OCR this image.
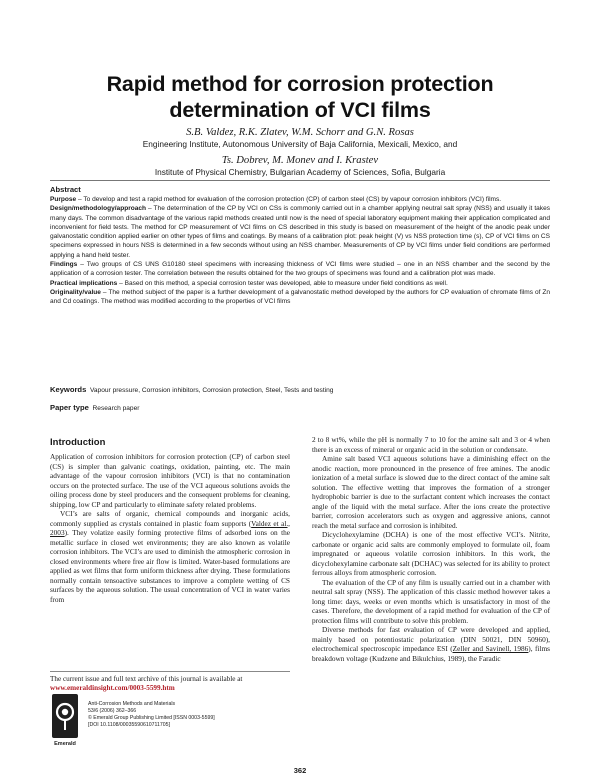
Rapid method for corrosion protection
determination of VCI films
S.B. Valdez, R.K. Zlatev, W.M. Schorr and G.N. Rosas
Engineering Institute, Autonomous University of Baja California, Mexicali, Mexico, and
Ts. Dobrev, M. Monev and I. Krastev
Institute of Physical Chemistry, Bulgarian Academy of Sciences, Sofia, Bulgaria
Abstract

Purpose – To develop and test a rapid method for evaluation of the corrosion protection (CP) of carbon steel (CS) by vapour corrosion inhibitors (VCI) films.

Design/methodology/approach – The determination of the CP by VCI on CSs is commonly carried out in a chamber applying neutral salt spray (NSS) and usually it takes many days. The common disadvantage of the various rapid methods created until now is the need of special laboratory equipment making their application complicated and inconvenient for field tests. The method for CP measurement of VCI films on CS described in this study is based on measurement of the height of the anodic peak under galvanostatic condition applied earlier on other types of films and coatings. By means of a calibration plot: peak height (V) vs NSS protection time (s), CP of VCI films on CS specimens expressed in hours NSS is determined in a few seconds without using an NSS chamber. Measurements of CP by VCI films under field conditions are performed applying a hand held tester.

Findings – Two groups of CS UNS G10180 steel specimens with increasing thickness of VCI films were studied – one in an NSS chamber and the second by the application of a corrosion tester. The correlation between the results obtained for the two groups of specimens was found and a calibration plot was made.

Practical implications – Based on this method, a special corrosion tester was developed, able to measure under field conditions as well.

Originality/value – The method subject of the paper is a further development of a galvanostatic method developed by the authors for CP evaluation of chromate films of Zn and Cd coatings. The method was modified according to the properties of VCI films

Keywords Vapour pressure, Corrosion inhibitors, Corrosion protection, Steel, Tests and testing
Paper type Research paper
Introduction

Application of corrosion inhibitors for corrosion protection (CP) of carbon steel (CS) is simpler than galvanic coatings, oxidation, painting, etc. The main advantage of the vapour corrosion inhibitors (VCI) is that no contamination occurs on the protected surface. The use of the VCI aqueous solutions avoids the oiling process done by steel producers and the consequent problems for cleaning, shipping, low CP and particularly to eliminate safety related problems.

VCI’s are salts of organic, chemical compounds and inorganic acids, commonly supplied as crystals contained in plastic foam supports (Valdez et al., 2003). They volatize easily forming protective films of adsorbed ions on the metallic surface in closed wet environments; they are also known as volatile corrosion inhibitors. The VCI’s are used to diminish the atmospheric corrosion in closed environments where free air flow is limited. Water-based formulations are applied as wet films that form uniform thickness after drying. These formulations normally contain tensoactive substances to improve a complete wetting of CS surfaces by the aqueous solution. The usual concentration of VCI in water varies from

2 to 8 wt%, while the pH is normally 7 to 10 for the amine salt and 3 or 4 when there is an excess of mineral or organic acid in the solution or condensate.

Amine salt based VCI aqueous solutions have a diminishing effect on the anodic reaction, more pronounced in the presence of free amines. The anodic ionization of a metal surface is slowed due to the direct contact of the amine salt solution. The effective wetting that improves the formation of a stronger hydrophobic barrier is due to the surfactant content which increases the contact angle of the liquid with the metal surface. After the ions create the protective barrier, corrosion accelerators such as oxygen and aggressive anions, cannot reach the metal surface and corrosion is inhibited.

Dicyclohexylamine (DCHA) is one of the most effective VCI’s. Nitrite, carbonate or organic acid salts are commonly employed to formulate oil, foam impregnated or aqueous volatile corrosion inhibitors. In this work, the dicyclohexylamine carbonate salt (DCHAC) was selected for its ability to protect ferrous alloys from atmospheric corrosion.

The evaluation of the CP of any film is usually carried out in a chamber with neutral salt spray (NSS). The application of this classic method however takes a long time: days, weeks or even months which is unsatisfactory in most of the cases. Therefore, the development of a rapid method for evaluation of the CP of protection films will contribute to solve this problem.

Diverse methods for fast evaluation of CP were developed and applied, mainly based on potentiostatic polarization (DIN 50021, DIN 50960), electrochemical spectroscopic impedance ESI (Zeller and Savinell, 1986), films breakdown voltage (Kudzene and Bikulchius, 1989), the Faradic

The current issue and full text archive of this journal is available at
www.emeraldinsight.com/0003-5599.htm
Emerald
Anti-Corrosion Methods and Materials
53/6 (2006) 362–366
© Emerald Group Publishing Limited [ISSN 0003-5599]
[DOI 10.1108/00035590610711705]
362
